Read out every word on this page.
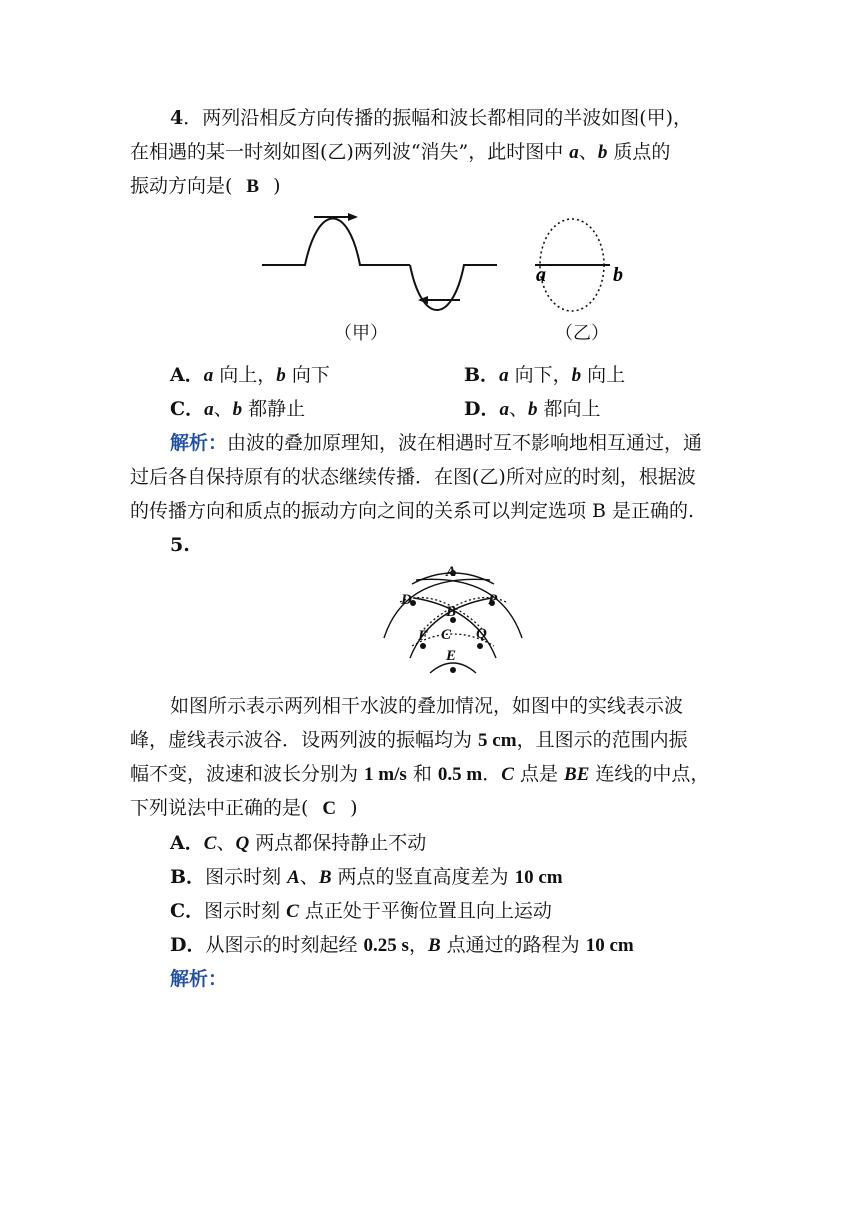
4．两列沿相反方向传播的振幅和波长都相同的半波如图(甲)，
在相遇的某一时刻如图(乙)两列波“消失”，此时图中 a、b 质点的
振动方向是( B )
a	b
（甲）	（乙）
A．a 向上，b 向下	B．a 向下，b 向上
C．a、b 都静止	D．a、b 都向上
解析：由波的叠加原理知，波在相遇时互不影响地相互通过，通
过后各自保持原有的状态继续传播．在图(乙)所对应的时刻，根据波
的传播方向和质点的振动方向之间的关系可以判定选项 B 是正确的.
5.
A
D	P
B
C
F	Q
E
如图所示表示两列相干水波的叠加情况，如图中的实线表示波
峰，虚线表示波谷．设两列波的振幅均为 5 cm，且图示的范围内振
幅不变，波速和波长分别为 1 m/s 和 0.5 m．C 点是 BE 连线的中点，
下列说法中正确的是( C )
A．C、Q 两点都保持静止不动
B．图示时刻 A、B 两点的竖直高度差为 10 cm
C．图示时刻 C 点正处于平衡位置且向上运动
D．从图示的时刻起经 0.25 s，B 点通过的路程为 10 cm
解析：
